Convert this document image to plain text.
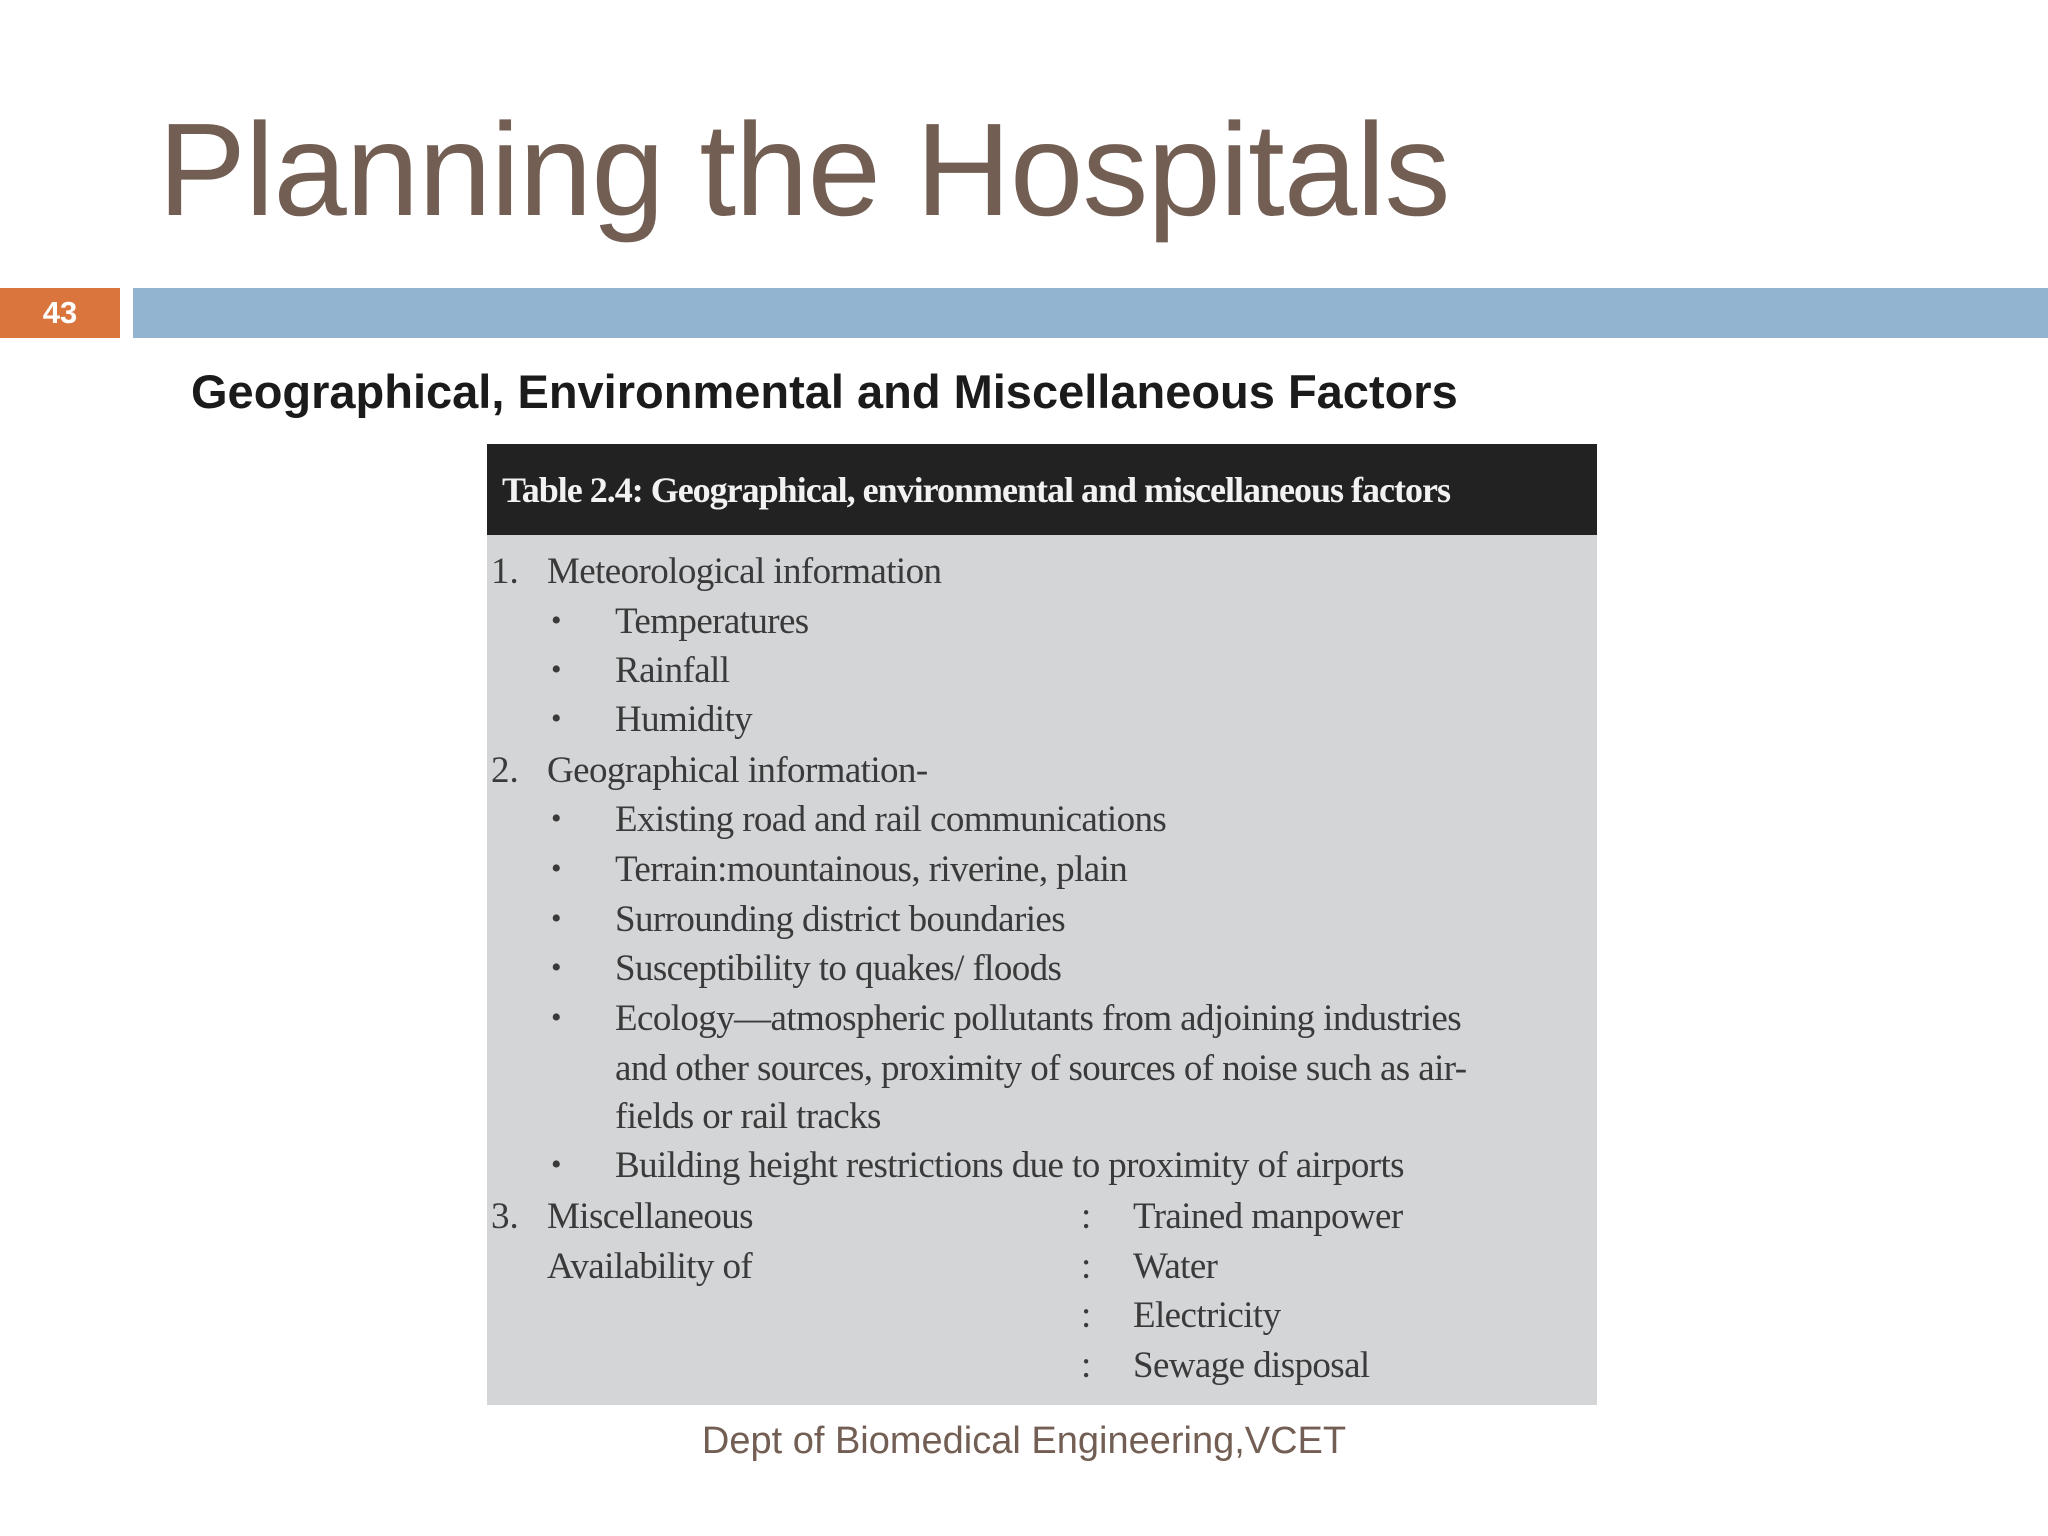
Planning the Hospitals
43
Geographical, Environmental and Miscellaneous Factors
Table 2.4: Geographical, environmental and miscellaneous factors
1. Meteorological information
• Temperatures
• Rainfall
• Humidity
2. Geographical information-
• Existing road and rail communications
• Terrain:mountainous, riverine, plain
• Surrounding district boundaries
• Susceptibility to quakes/ floods
• Ecology—atmospheric pollutants from adjoining industries
and other sources, proximity of sources of noise such as air-
fields or rail tracks
• Building height restrictions due to proximity of airports
3. Miscellaneous
Availability of
: Trained manpower
: Water
: Electricity
: Sewage disposal
Dept of Biomedical Engineering,VCET
